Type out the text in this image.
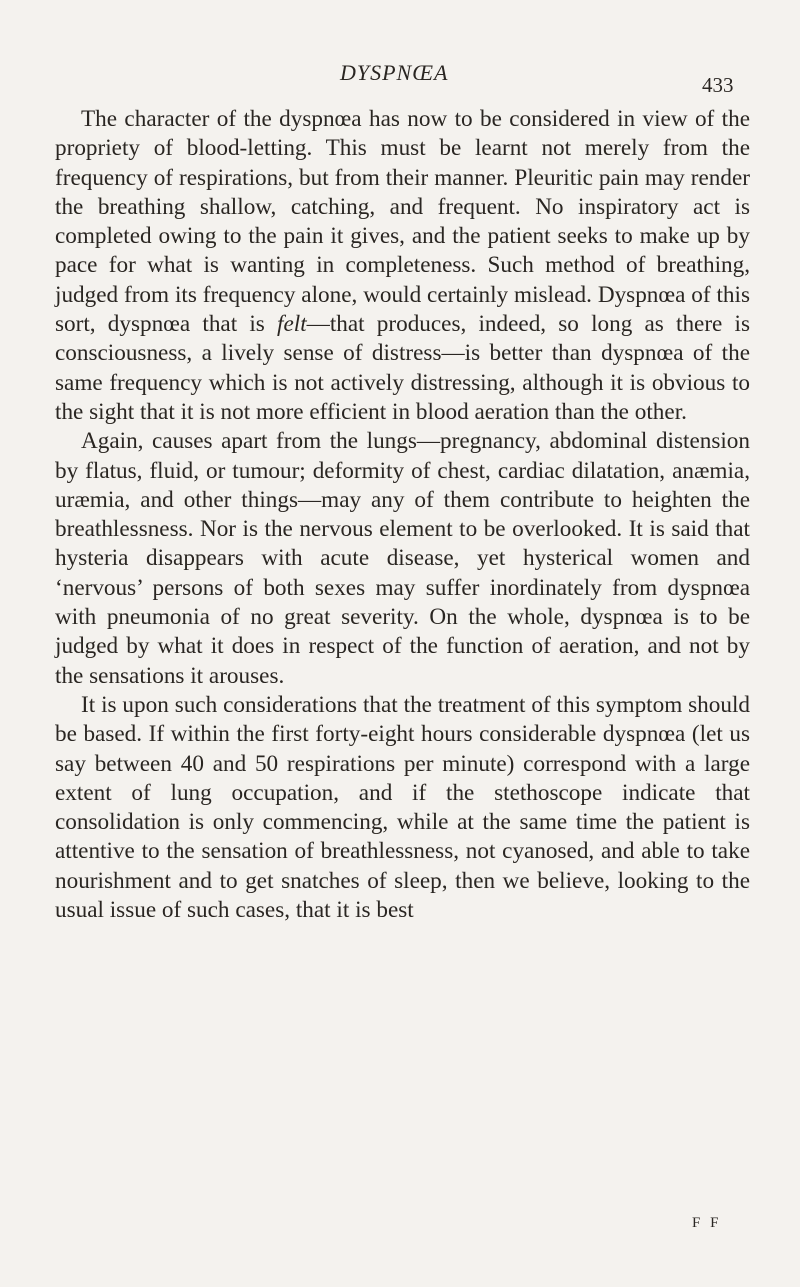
DYSPNŒA	433

The character of the dyspnœa has now to be considered in view of the propriety of blood-letting. This must be learnt not merely from the frequency of respirations, but from their manner. Pleuritic pain may render the breathing shallow, catching, and frequent. No inspiratory act is completed owing to the pain it gives, and the patient seeks to make up by pace for what is wanting in completeness. Such method of breathing, judged from its frequency alone, would certainly mislead. Dyspnœa of this sort, dyspnœa that is felt—that produces, indeed, so long as there is consciousness, a lively sense of distress—is better than dyspnœa of the same frequency which is not actively distressing, although it is obvious to the sight that it is not more efficient in blood aeration than the other.

Again, causes apart from the lungs—pregnancy, abdominal distension by flatus, fluid, or tumour; deformity of chest, cardiac dilatation, anæmia, uræmia, and other things—may any of them contribute to heighten the breathlessness. Nor is the nervous element to be overlooked. It is said that hysteria disappears with acute disease, yet hysterical women and ‘nervous’ persons of both sexes may suffer inordinately from dyspnœa with pneumonia of no great severity. On the whole, dyspnœa is to be judged by what it does in respect of the function of aeration, and not by the sensations it arouses.

It is upon such considerations that the treatment of this symptom should be based. If within the first forty-eight hours considerable dyspnœa (let us say between 40 and 50 respirations per minute) correspond with a large extent of lung occupation, and if the stethoscope indicate that consolidation is only commencing, while at the same time the patient is attentive to the sensation of breathlessness, not cyanosed, and able to take nourishment and to get snatches of sleep, then we believe, looking to the usual issue of such cases, that it is best

F F
